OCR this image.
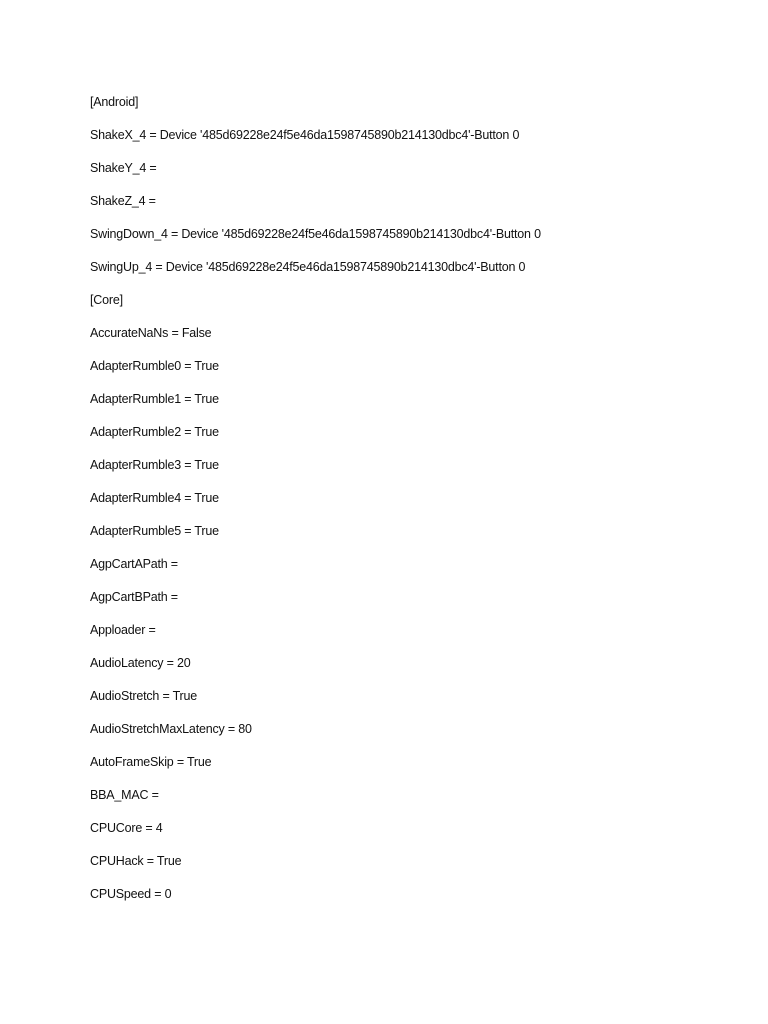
[Android]
ShakeX_4 = Device '485d69228e24f5e46da1598745890b214130dbc4'-Button 0
ShakeY_4 =
ShakeZ_4 =
SwingDown_4 = Device '485d69228e24f5e46da1598745890b214130dbc4'-Button 0
SwingUp_4 = Device '485d69228e24f5e46da1598745890b214130dbc4'-Button 0
[Core]
AccurateNaNs = False
AdapterRumble0 = True
AdapterRumble1 = True
AdapterRumble2 = True
AdapterRumble3 = True
AdapterRumble4 = True
AdapterRumble5 = True
AgpCartAPath =
AgpCartBPath =
Apploader =
AudioLatency = 20
AudioStretch = True
AudioStretchMaxLatency = 80
AutoFrameSkip = True
BBA_MAC =
CPUCore = 4
CPUHack = True
CPUSpeed = 0
